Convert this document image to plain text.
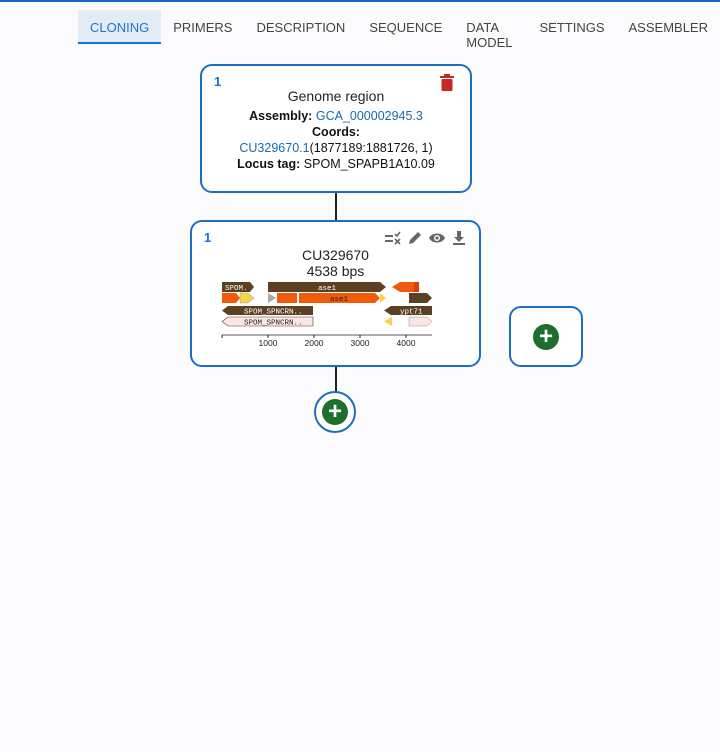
CLONING	PRIMERS	DESCRIPTION	SEQUENCE	DATA MODEL
SETTINGS	ASSEMBLER
1
Genome region
Assembly: GCA_000002945.3
Coords:
CU329670.1(1877189:1881726, 1)
Locus tag: SPOM_SPAPB1A10.09
1
CU329670
4538 bps
SPOM.	ase1
ase1
SPOM_SPNCRN..	ypt71
SPOM_SPNCRN..
1000	2000	3000	4000	+
+
